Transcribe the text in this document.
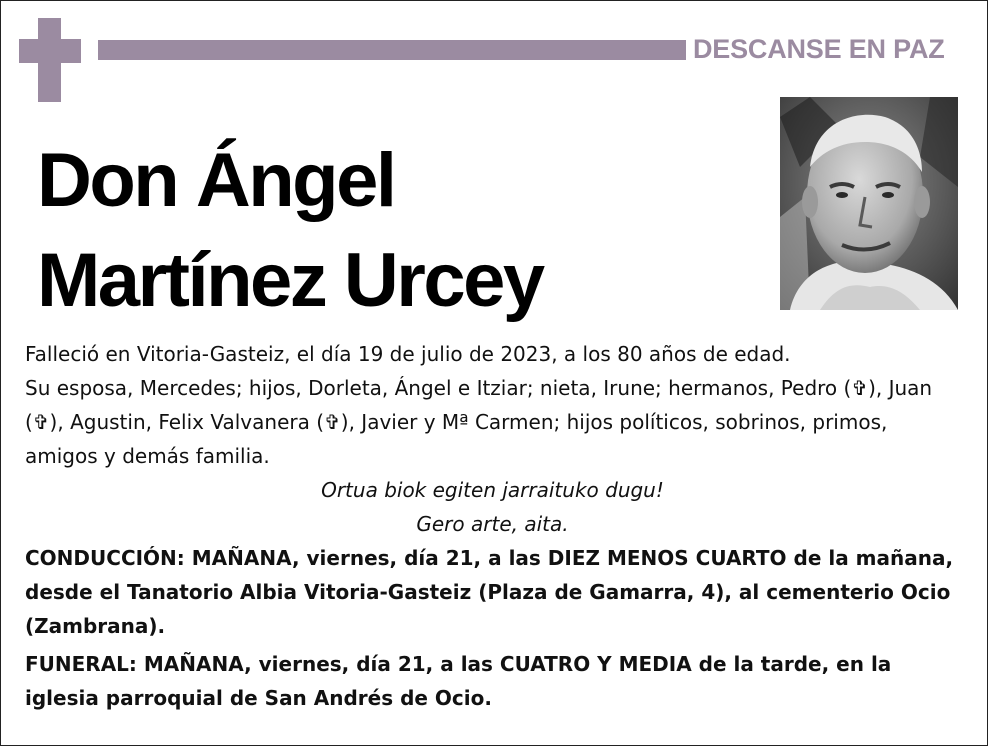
DESCANSE EN PAZ
Don Ángel
Martínez Urcey

Falleció en Vitoria-Gasteiz, el día 19 de julio de 2023, a los 80 años de edad.

Su esposa, Mercedes; hijos, Dorleta, Ángel e Itziar; nieta, Irune; hermanos, Pedro (✞), Juan (✞), Agustin, Felix Valvanera (✞), Javier y Mª Carmen; hijos políticos, sobrinos, primos, amigos y demás familia.

Ortua biok egiten jarraituko dugu!

Gero arte, aita.

CONDUCCIÓN: MAÑANA, viernes, día 21, a las DIEZ MENOS CUARTO de la mañana, desde el Tanatorio Albia Vitoria-Gasteiz (Plaza de Gamarra, 4), al cementerio Ocio (Zambrana).

FUNERAL: MAÑANA, viernes, día 21, a las CUATRO Y MEDIA de la tarde, en la iglesia parroquial de San Andrés de Ocio.
